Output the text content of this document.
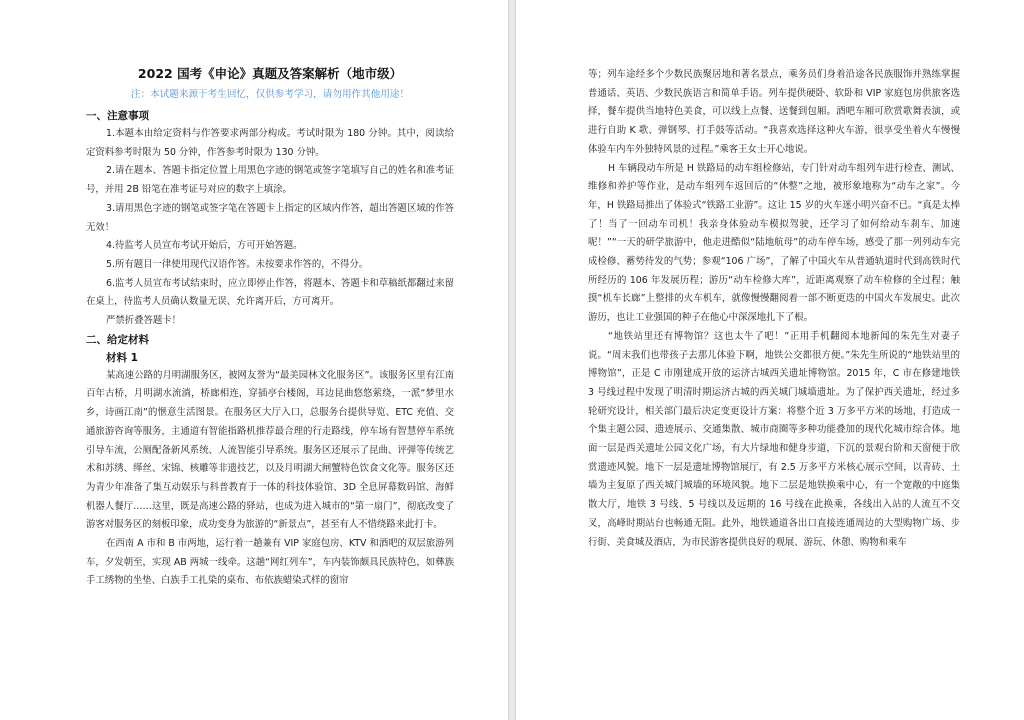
2022 国考《申论》真题及答案解析（地市级）
注：本试题来源于考生回忆，仅供参考学习，请勿用作其他用途！
一、注意事项

1.本题本由给定资料与作答要求两部分构成。考试时限为 180 分钟。其中，阅读给定资料参考时限为 50 分钟，作答参考时限为 130 分钟。

2.请在题本、答题卡指定位置上用黑色字迹的钢笔或签字笔填写自己的姓名和准考证号，并用 2B 铅笔在准考证号对应的数字上填涂。

3.请用黑色字迹的钢笔或签字笔在答题卡上指定的区域内作答，超出答题区域的作答无效！

4.待监考人员宣布考试开始后，方可开始答题。

5.所有题目一律使用现代汉语作答。未按要求作答的，不得分。

6.监考人员宣布考试结束时，应立即停止作答，将题本、答题卡和草稿纸都翻过来留在桌上，待监考人员确认数量无误、允许离开后，方可离开。

严禁折叠答题卡！

二、给定材料
材料 1

某高速公路的月明湖服务区，被网友誉为“最美园林文化服务区”。该服务区里有江南百年古桥，月明湖水流淌，桥廊相连，穿插亭台楼阁，耳边昆曲悠悠萦绕，一派“梦里水乡，诗画江南”的惬意生活图景。在服务区大厅入口，总服务台提供导览、ETC 充值、交通旅游咨询等服务，主通道有智能指路机推荐最合理的行走路线，停车场有智慧停车系统引导车流，公厕配备新风系统、人流智能引导系统。服务区还展示了昆曲、评弹等传统艺术和苏绣、缂丝、宋锦、核雕等非遗技艺，以及月明湖大闸蟹特色饮食文化等。服务区还为青少年准备了集互动娱乐与科普教育于一体的科技体验馆、3D 全息屏幕数码馆、海鲜机器人餐厅……这里，既是高速公路的驿站，也成为进入城市的“第一扇门”，彻底改变了游客对服务区的刻板印象，成功变身为旅游的“新景点”，甚至有人不惜绕路来此打卡。

在西南 A 市和 B 市两地，运行着一趟兼有 VIP 家庭包房、KTV 和酒吧的双层旅游列车，夕发朝至，实现 AB 两城一线牵。这趟“网红列车”，车内装饰颇具民族特色，如彝族手工绣物的坐垫、白族手工扎染的桌布、布依族蜡染式样的窗帘

等；列车途经多个少数民族聚居地和著名景点，乘务员们身着沿途各民族服饰并熟练掌握普通话、英语、少数民族语言和简单手语。列车提供硬卧、软卧和 VIP 家庭包房供旅客选择，餐车提供当地特色美食，可以线上点餐、送餐到包厢。酒吧车厢可欣赏歌舞表演，或进行自助 K 歌、弹钢琴、打手鼓等活动。“我喜欢选择这种火车游，很享受坐着火车慢慢体验车内车外独特风景的过程。”乘客王女士开心地说。

H 车辆段动车所是 H 铁路局的动车组检修站，专门针对动车组列车进行检查、测试、维修和养护等作业，是动车组列车返回后的“休整”之地，被形象地称为“动车之家”。今年，H 铁路局推出了体验式“铁路工业游”。这让 15 岁的火车迷小明兴奋不已。“真是太棒了！当了一回动车司机！我亲身体验动车模拟驾驶，还学习了如何给动车刹车、加速呢！”“一天的研学旅游中，他走进酷似“陆地航母”的动车停车场，感受了那一列列动车完成检修、蓄势待发的气势；参观“106 广场”，了解了中国火车从普通轨道时代到高铁时代所经历的 106 年发展历程；游历“动车检修大库”，近距离观察了动车检修的全过程；触摸“机车长廊”上整排的火车机车，就像慢慢翻阅着一部不断更迭的中国火车发展史。此次游历，也让工业强国的种子在他心中深深地扎下了根。

“地铁站里还有博物馆？这也太牛了吧！”正用手机翻阅本地新闻的朱先生对妻子说。“周末我们也带孩子去那儿体验下啊，地铁公交都很方便。”朱先生所说的“地铁站里的博物馆”，正是 C 市刚建成开放的运济古城西关遗址博物馆。2015 年，C 市在修建地铁 3 号线过程中发现了明清时期运济古城的西关城门城墙遗址。为了保护西关遗址，经过多轮研究设计，相关部门最后决定变更设计方案：将整个近 3 万多平方米的场地，打造成一个集主题公园、遗迹展示、交通集散、城市商圈等多种功能叠加的现代化城市综合体。地面一层是西关遗址公园文化广场，有大片绿地和健身步道，下沉的景观台阶和天窗便于欣赏遗迹风貌。地下一层是遗址博物馆展厅，有 2.5 万多平方米核心展示空间，以青砖、土墙为主复原了西关城门城墙的环境风貌。地下二层是地铁换乘中心，有一个宽敞的中庭集散大厅，地铁 3 号线、5 号线以及远期的 16 号线在此换乘，各线出入站的人流互不交叉，高峰时期站台也畅通无阻。此外，地铁通道各出口直接连通周边的大型购物广场、步行街、美食城及酒店，为市民游客提供良好的观展、游玩、休憩、购物和乘车
